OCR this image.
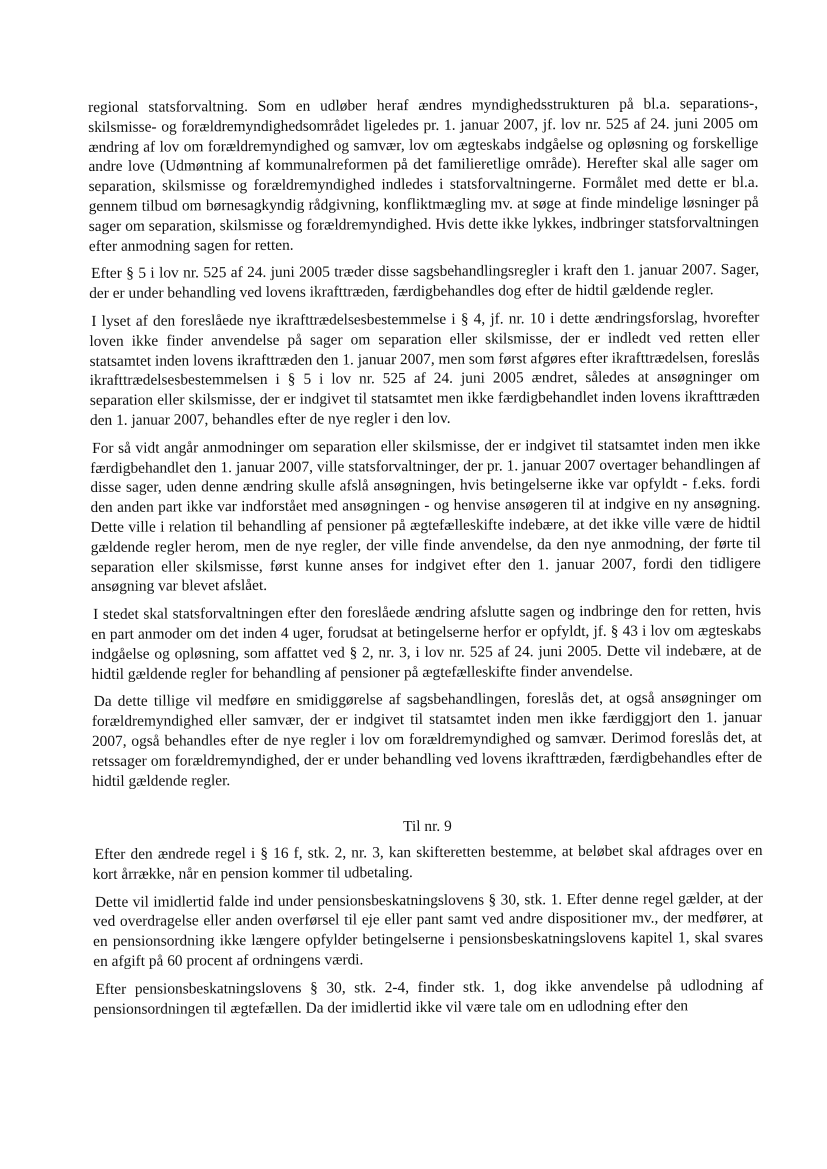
regional statsforvaltning. Som en udløber heraf ændres myndighedsstrukturen på bl.a. separations-, skilsmisse- og forældremyndighedsområdet ligeledes pr. 1. januar 2007, jf. lov nr. 525 af 24. juni 2005 om ændring af lov om forældremyndighed og samvær, lov om ægteskabs indgåelse og opløsning og forskellige andre love (Udmøntning af kommunalreformen på det familieretlige område). Herefter skal alle sager om separation, skilsmisse og forældremyndighed indledes i statsforvaltningerne. Formålet med dette er bl.a. gennem tilbud om børnesagkyndig rådgivning, konfliktmægling mv. at søge at finde mindelige løsninger på sager om separation, skilsmisse og forældremyndighed. Hvis dette ikke lykkes, indbringer statsforvaltningen efter anmodning sagen for retten.

Efter § 5 i lov nr. 525 af 24. juni 2005 træder disse sagsbehandlingsregler i kraft den 1. januar 2007. Sager, der er under behandling ved lovens ikrafttræden, færdigbehandles dog efter de hidtil gældende regler.

I lyset af den foreslåede nye ikrafttrædelsesbestemmelse i § 4, jf. nr. 10 i dette ændringsforslag, hvorefter loven ikke finder anvendelse på sager om separation eller skilsmisse, der er indledt ved retten eller statsamtet inden lovens ikrafttræden den 1. januar 2007, men som først afgøres efter ikrafttrædelsen, foreslås ikrafttrædelsesbestemmelsen i § 5 i lov nr. 525 af 24. juni 2005 ændret, således at ansøgninger om separation eller skilsmisse, der er indgivet til statsamtet men ikke færdigbehandlet inden lovens ikrafttræden den 1. januar 2007, behandles efter de nye regler i den lov.

For så vidt angår anmodninger om separation eller skilsmisse, der er indgivet til statsamtet inden men ikke færdigbehandlet den 1. januar 2007, ville statsforvaltninger, der pr. 1. januar 2007 overtager behandlingen af disse sager, uden denne ændring skulle afslå ansøgningen, hvis betingelserne ikke var opfyldt - f.eks. fordi den anden part ikke var indforstået med ansøgningen - og henvise ansøgeren til at indgive en ny ansøgning. Dette ville i relation til behandling af pensioner på ægtefælleskifte indebære, at det ikke ville være de hidtil gældende regler herom, men de nye regler, der ville finde anvendelse, da den nye anmodning, der førte til separation eller skilsmisse, først kunne anses for indgivet efter den 1. januar 2007, fordi den tidligere ansøgning var blevet afslået.

I stedet skal statsforvaltningen efter den foreslåede ændring afslutte sagen og indbringe den for retten, hvis en part anmoder om det inden 4 uger, forudsat at betingelserne herfor er opfyldt, jf. § 43 i lov om ægteskabs indgåelse og opløsning, som affattet ved § 2, nr. 3, i lov nr. 525 af 24. juni 2005. Dette vil indebære, at de hidtil gældende regler for behandling af pensioner på ægtefælleskifte finder anvendelse.

Da dette tillige vil medføre en smidiggørelse af sagsbehandlingen, foreslås det, at også ansøgninger om forældremyndighed eller samvær, der er indgivet til statsamtet inden men ikke færdiggjort den 1. januar 2007, også behandles efter de nye regler i lov om forældremyndighed og samvær. Derimod foreslås det, at retssager om forældremyndighed, der er under behandling ved lovens ikrafttræden, færdigbehandles efter de hidtil gældende regler.

Til nr. 9

Efter den ændrede regel i § 16 f, stk. 2, nr. 3, kan skifteretten bestemme, at beløbet skal afdrages over en kort årrække, når en pension kommer til udbetaling.

Dette vil imidlertid falde ind under pensionsbeskatningslovens § 30, stk. 1. Efter denne regel gælder, at der ved overdragelse eller anden overførsel til eje eller pant samt ved andre dispositioner mv., der medfører, at en pensionsordning ikke længere opfylder betingelserne i pensionsbeskatningslovens kapitel 1, skal svares en afgift på 60 procent af ordningens værdi.

Efter pensionsbeskatningslovens § 30, stk. 2-4, finder stk. 1, dog ikke anvendelse på udlodning af pensionsordningen til ægtefællen. Da der imidlertid ikke vil være tale om en udlodning efter den
